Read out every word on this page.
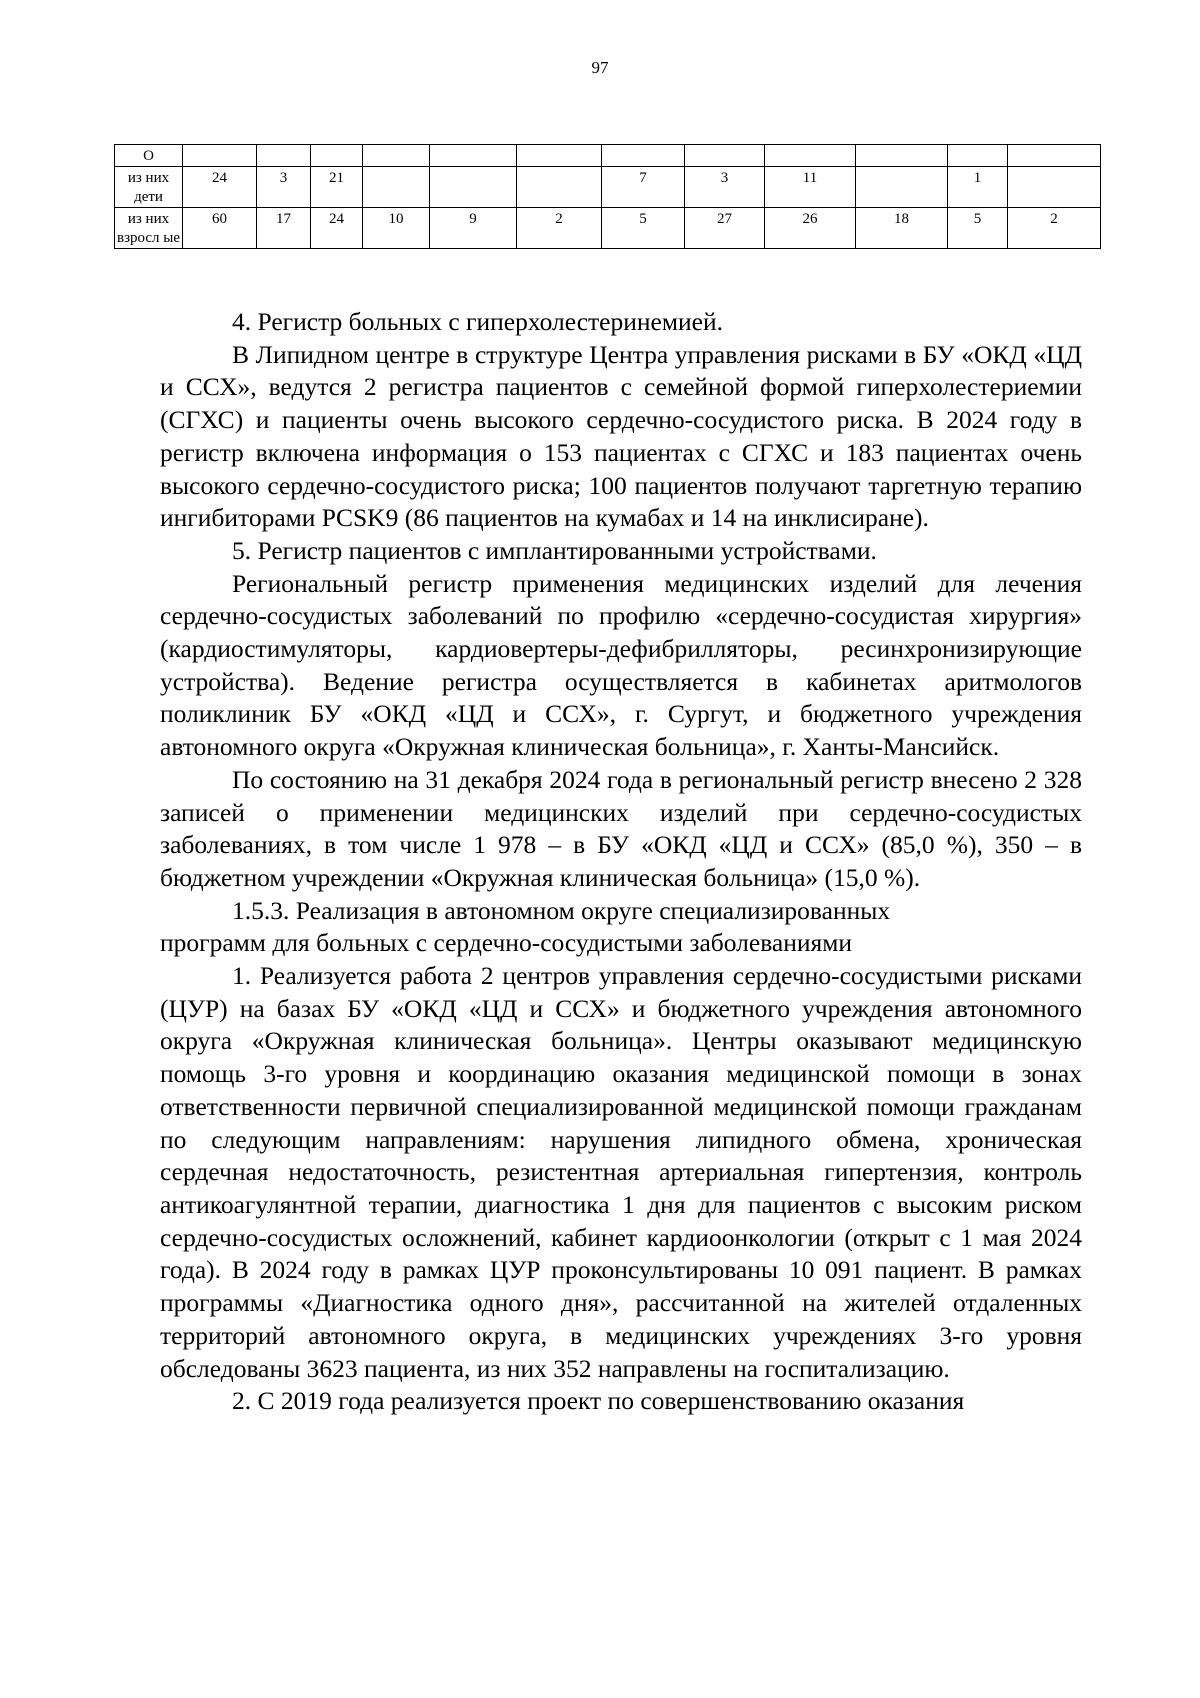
97
О												
из них дети	24	3	21				7	3	11		1	
из них взросл ые	60	17	24	10	9	2	5	27	26	18	5	2

4. Регистр больных с гиперхолестеринемией.

В Липидном центре в структуре Центра управления рисками в БУ «ОКД «ЦД и ССХ», ведутся 2 регистра пациентов с семейной формой гиперхолестериемии (СГХС) и пациенты очень высокого сердечно-сосудистого риска. В 2024 году в регистр включена информация о 153 пациентах с СГХС и 183 пациентах очень высокого сердечно-сосудистого риска; 100 пациентов получают таргетную терапию ингибиторами PCSK9 (86 пациентов на кумабах и 14 на инклисиране).

5. Регистр пациентов с имплантированными устройствами.

Региональный регистр применения медицинских изделий для лечения сердечно-сосудистых заболеваний по профилю «сердечно-сосудистая хирургия» (кардиостимуляторы, кардиовертеры-дефибрилляторы, ресинхронизирующие устройства). Ведение регистра осуществляется в кабинетах аритмологов поликлиник БУ «ОКД «ЦД и ССХ», г. Сургут, и бюджетного учреждения автономного округа «Окружная клиническая больница», г. Ханты-Мансийск.

По состоянию на 31 декабря 2024 года в региональный регистр внесено 2 328 записей о применении медицинских изделий при сердечно-сосудистых заболеваниях, в том числе 1 978 – в БУ «ОКД «ЦД и ССХ» (85,0 %), 350 – в бюджетном учреждении «Окружная клиническая больница» (15,0 %).

1.5.3. Реализация в автономном округе специализированных

программ для больных с сердечно-сосудистыми заболеваниями

1. Реализуется работа 2 центров управления сердечно-сосудистыми рисками (ЦУР) на базах БУ «ОКД «ЦД и ССХ» и бюджетного учреждения автономного округа «Окружная клиническая больница». Центры оказывают медицинскую помощь 3-го уровня и координацию оказания медицинской помощи в зонах ответственности первичной специализированной медицинской помощи гражданам по следующим направлениям: нарушения липидного обмена, хроническая сердечная недостаточность, резистентная артериальная гипертензия, контроль антикоагулянтной терапии, диагностика 1 дня для пациентов с высоким риском сердечно-сосудистых осложнений, кабинет кардиоонкологии (открыт с 1 мая 2024 года). В 2024 году в рамках ЦУР проконсультированы 10 091 пациент. В рамках программы «Диагностика одного дня», рассчитанной на жителей отдаленных территорий автономного округа, в медицинских учреждениях 3-го уровня обследованы 3623 пациента, из них 352 направлены на госпитализацию.

2. С 2019 года реализуется проект по совершенствованию оказания
